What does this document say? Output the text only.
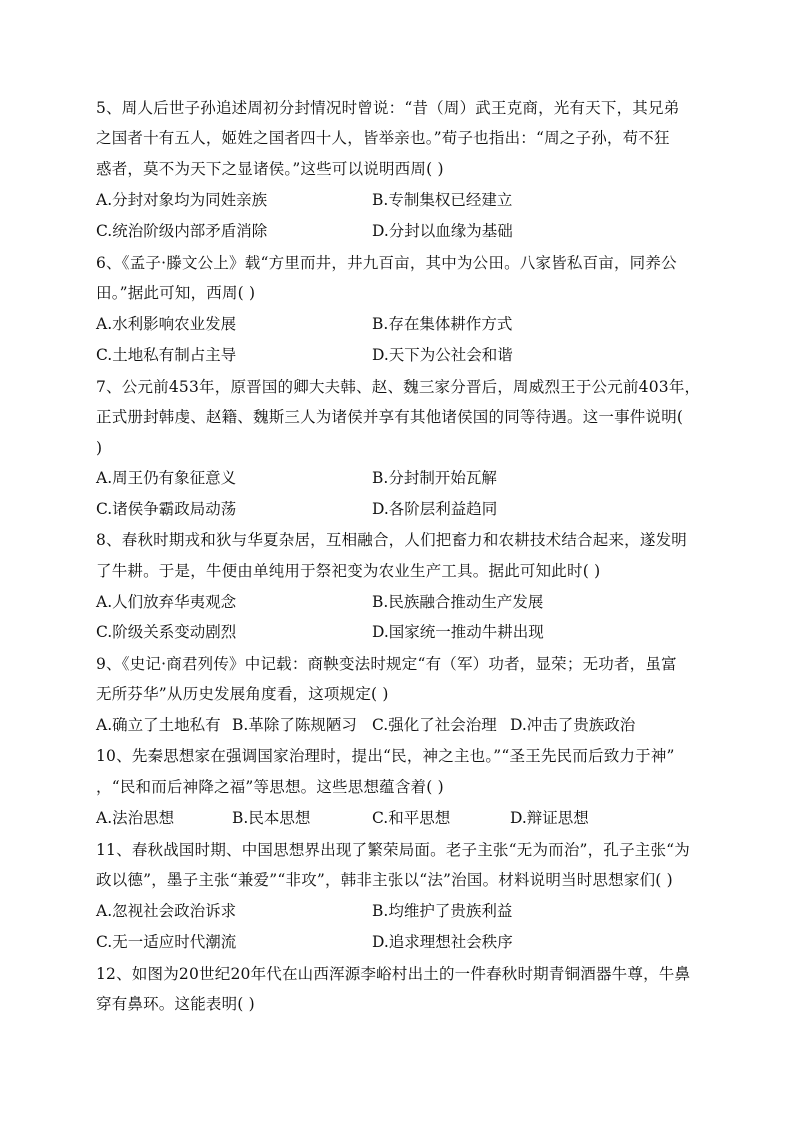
5、周人后世子孙追述周初分封情况时曾说：“昔（周）武王克商，光有天下，其兄弟
之国者十有五人，姬姓之国者四十人，皆举亲也。”荀子也指出：“周之子孙，苟不狂
惑者，莫不为天下之显诸侯。”这些可以说明西周( )
A.分封对象均为同姓亲族	B.专制集权已经建立
C.统治阶级内部矛盾消除	D.分封以血缘为基础
6、《孟子·滕文公上》载“方里而井，井九百亩，其中为公田。八家皆私百亩，同养公
田。”据此可知，西周( )
A.水利影响农业发展	B.存在集体耕作方式
C.土地私有制占主导	D.天下为公社会和谐
7、公元前453年，原晋国的卿大夫韩、赵、魏三家分晋后，周威烈王于公元前403年，
正式册封韩虔、赵籍、魏斯三人为诸侯并享有其他诸侯国的同等待遇。这一事件说明(
)
A.周王仍有象征意义	B.分封制开始瓦解
C.诸侯争霸政局动荡	D.各阶层利益趋同
8、春秋时期戎和狄与华夏杂居，互相融合，人们把畜力和农耕技术结合起来，遂发明
了牛耕。于是，牛便由单纯用于祭祀变为农业生产工具。据此可知此时( )
A.人们放弃华夷观念	B.民族融合推动生产发展
C.阶级关系变动剧烈	D.国家统一推动牛耕出现
9、《史记·商君列传》中记载：商鞅变法时规定“有（军）功者，显荣；无功者，虽富
无所芬华”从历史发展角度看，这项规定( )
A.确立了土地私有 B.革除了陈规陋习 C.强化了社会治理 D.冲击了贵族政治
10、先秦思想家在强调国家治理时，提出“民，神之主也。”“圣王先民而后致力于神”
，“民和而后神降之福”等思想。这些思想蕴含着( )
A.法治思想	B.民本思想	C.和平思想	D.辩证思想
11、春秋战国时期、中国思想界出现了繁荣局面。老子主张“无为而治”，孔子主张“为
政以德”，墨子主张“兼爱”“非攻”，韩非主张以“法”治国。材料说明当时思想家们( )
A.忽视社会政治诉求	B.均维护了贵族利益
C.无一适应时代潮流	D.追求理想社会秩序
12、如图为20世纪20年代在山西浑源李峪村出土的一件春秋时期青铜酒器牛尊，牛鼻
穿有鼻环。这能表明( )
